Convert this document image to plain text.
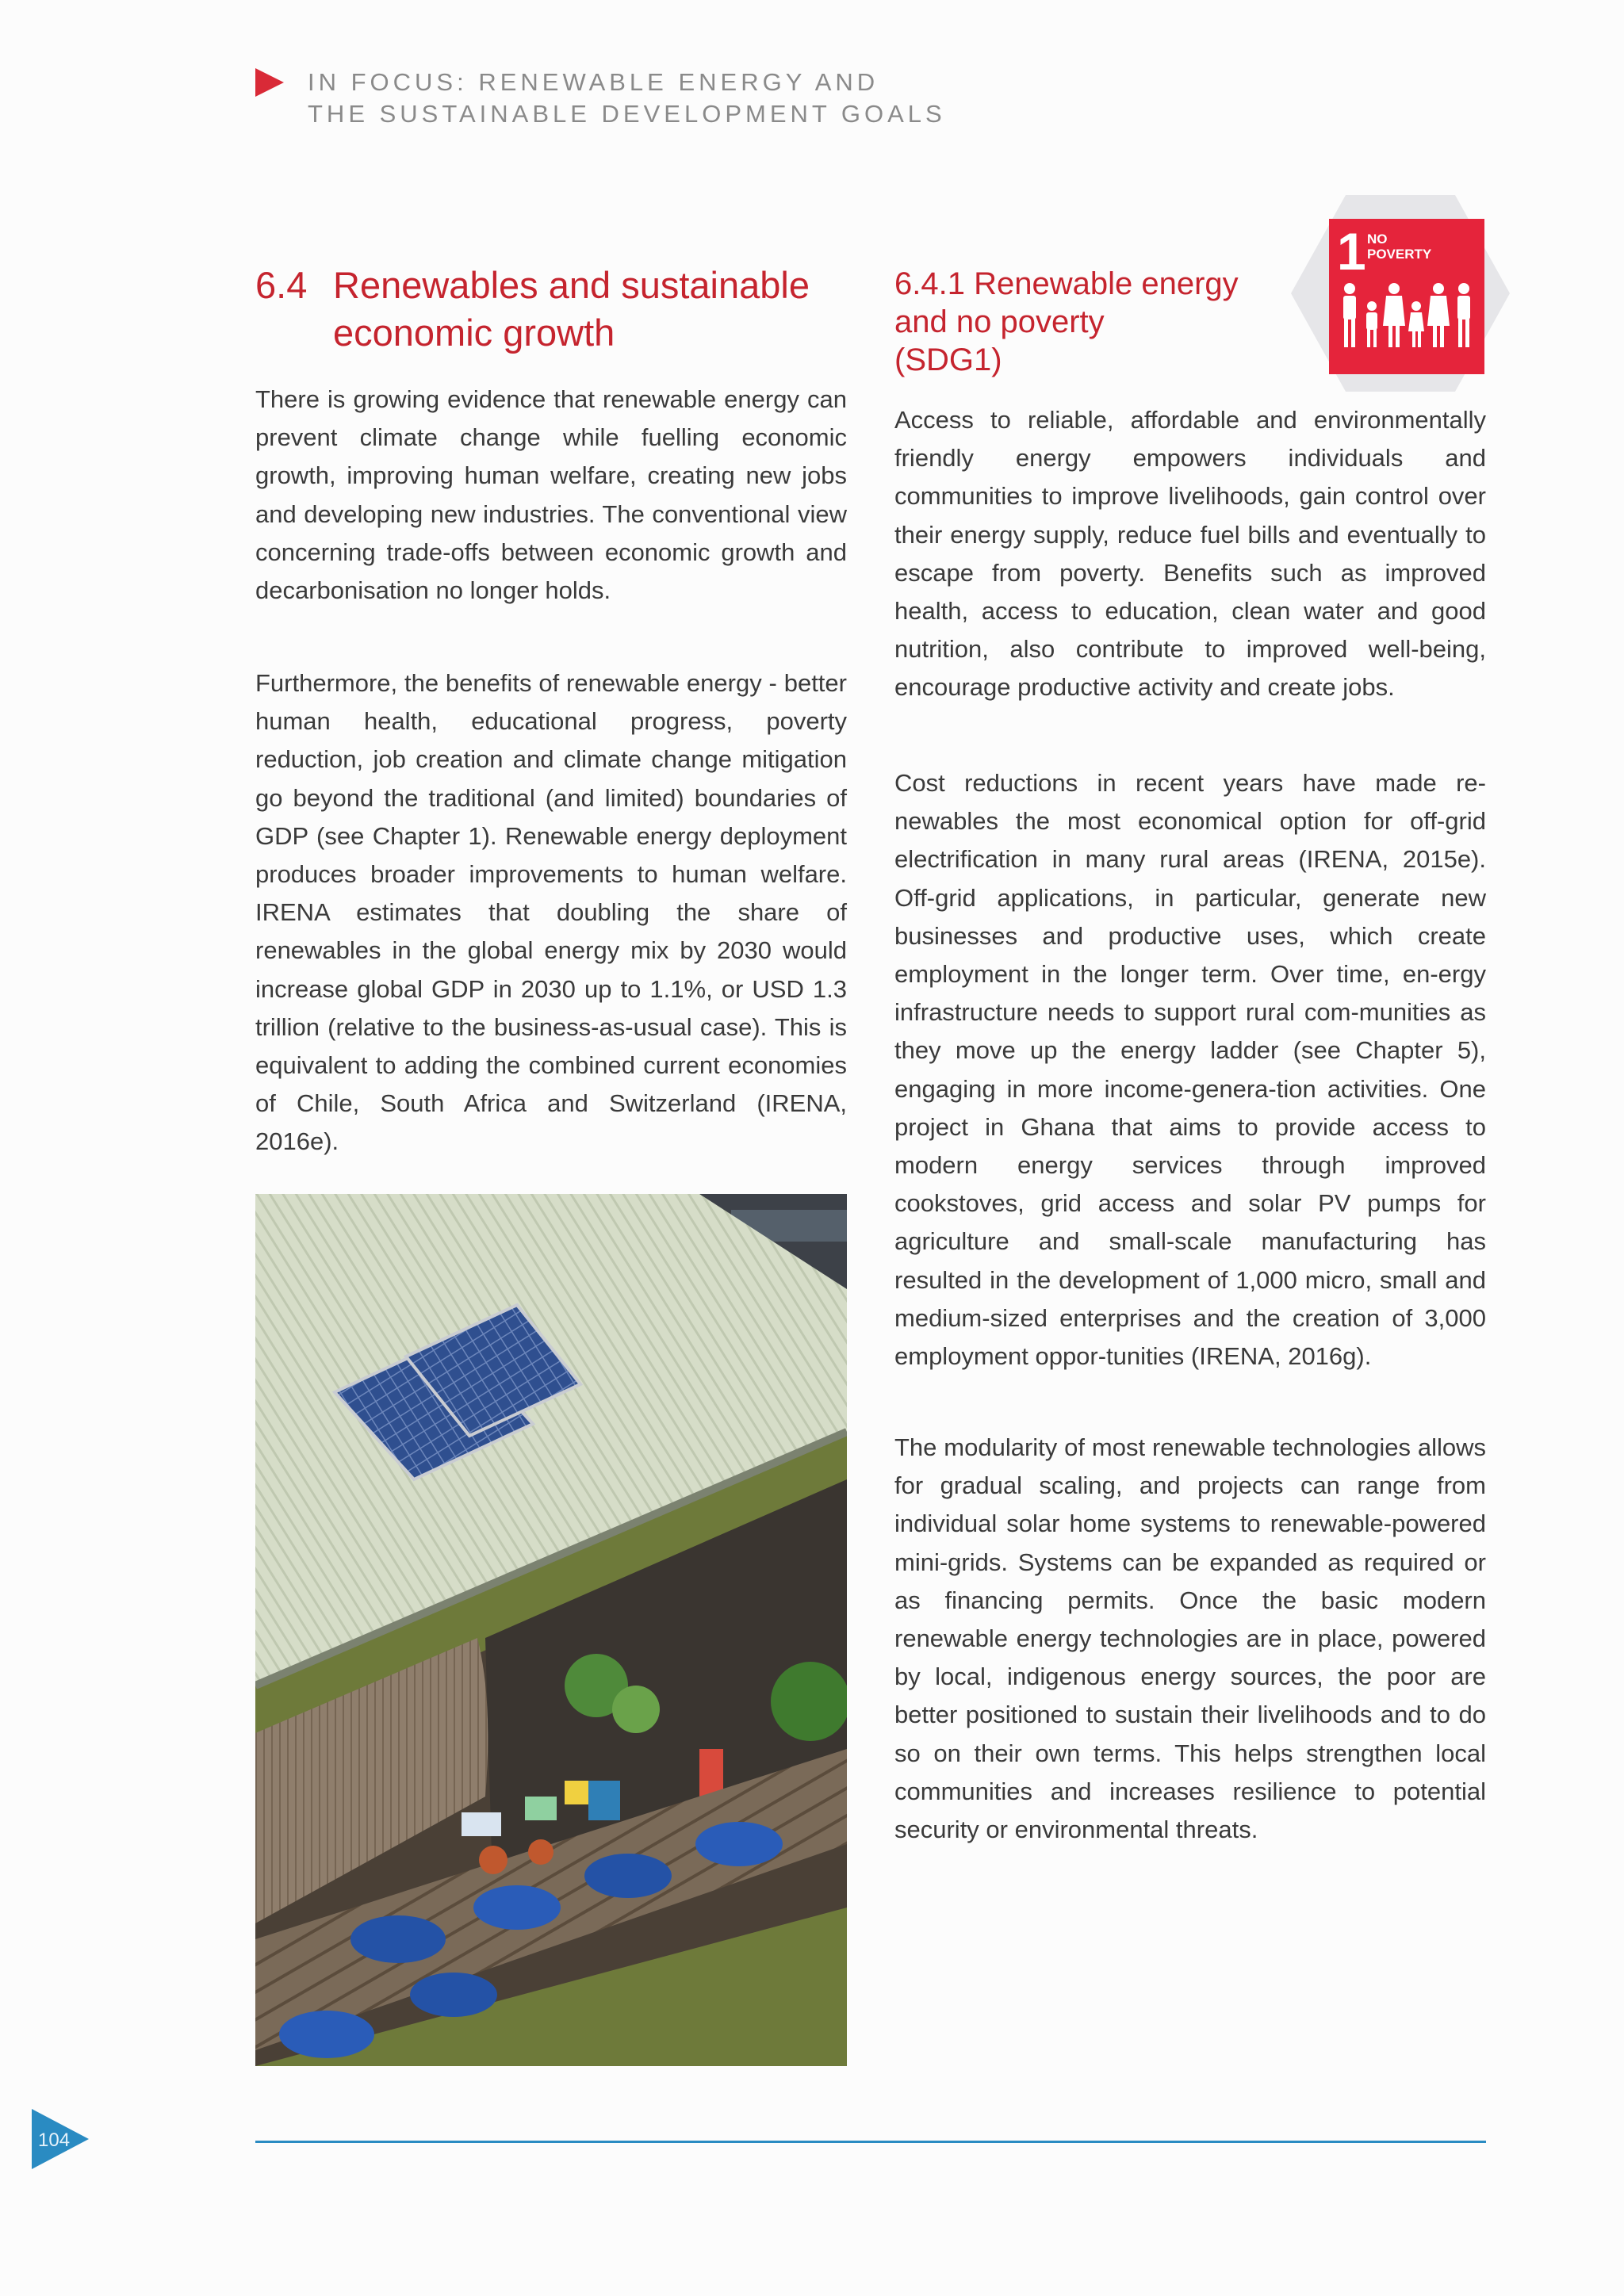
IN FOCUS: RENEWABLE ENERGY AND
THE SUSTAINABLE DEVELOPMENT GOALS
6.4 Renewables and sustainable
economic growth

There is growing evidence that renewable energy can prevent climate change while fuelling economic growth, improving human welfare, creating new jobs and developing new industries. The conventional view concerning trade-offs between economic growth and decarbonisation no longer holds.

Furthermore, the benefits of renewable energy - better human health, educational progress, poverty reduction, job creation and climate change mitigation go beyond the traditional (and limited) boundaries of GDP (see Chapter 1). Renewable energy deployment produces broader improvements to human welfare. IRENA estimates that doubling the share of renewables in the global energy mix by 2030 would increase global GDP in 2030 up to 1.1%, or USD 1.3 trillion (relative to the business-as-usual case). This is equivalent to adding the combined current economies of Chile, South Africa and Switzerland (IRENA, 2016e).

1 NO
POVERTY
6.4.1 Renewable energy
and no poverty
(SDG1)

Access to reliable, affordable and environmentally friendly energy empowers individuals and communities to improve livelihoods, gain control over their energy supply, reduce fuel bills and eventually to escape from poverty. Benefits such as improved health, access to education, clean water and good nutrition, also contribute to improved well-being, encourage productive activity and create jobs.

Cost reductions in recent years have made re-newables the most economical option for off-grid electrification in many rural areas (IRENA, 2015e). Off-grid applications, in particular, generate new businesses and productive uses, which create employment in the longer term. Over time, en-ergy infrastructure needs to support rural com-munities as they move up the energy ladder (see Chapter 5), engaging in more income-genera-tion activities. One project in Ghana that aims to provide access to modern energy services through improved cookstoves, grid access and solar PV pumps for agriculture and small-scale manufacturing has resulted in the development of 1,000 micro, small and medium-sized enterprises and the creation of 3,000 employment oppor-tunities (IRENA, 2016g).

The modularity of most renewable technologies allows for gradual scaling, and projects can range from individual solar home systems to renewable-powered mini-grids. Systems can be expanded as required or as financing permits. Once the basic modern renewable energy technologies are in place, powered by local, indigenous energy sources, the poor are better positioned to sustain their livelihoods and to do so on their own terms. This helps strengthen local communities and increases resilience to potential security or environmental threats.

104
